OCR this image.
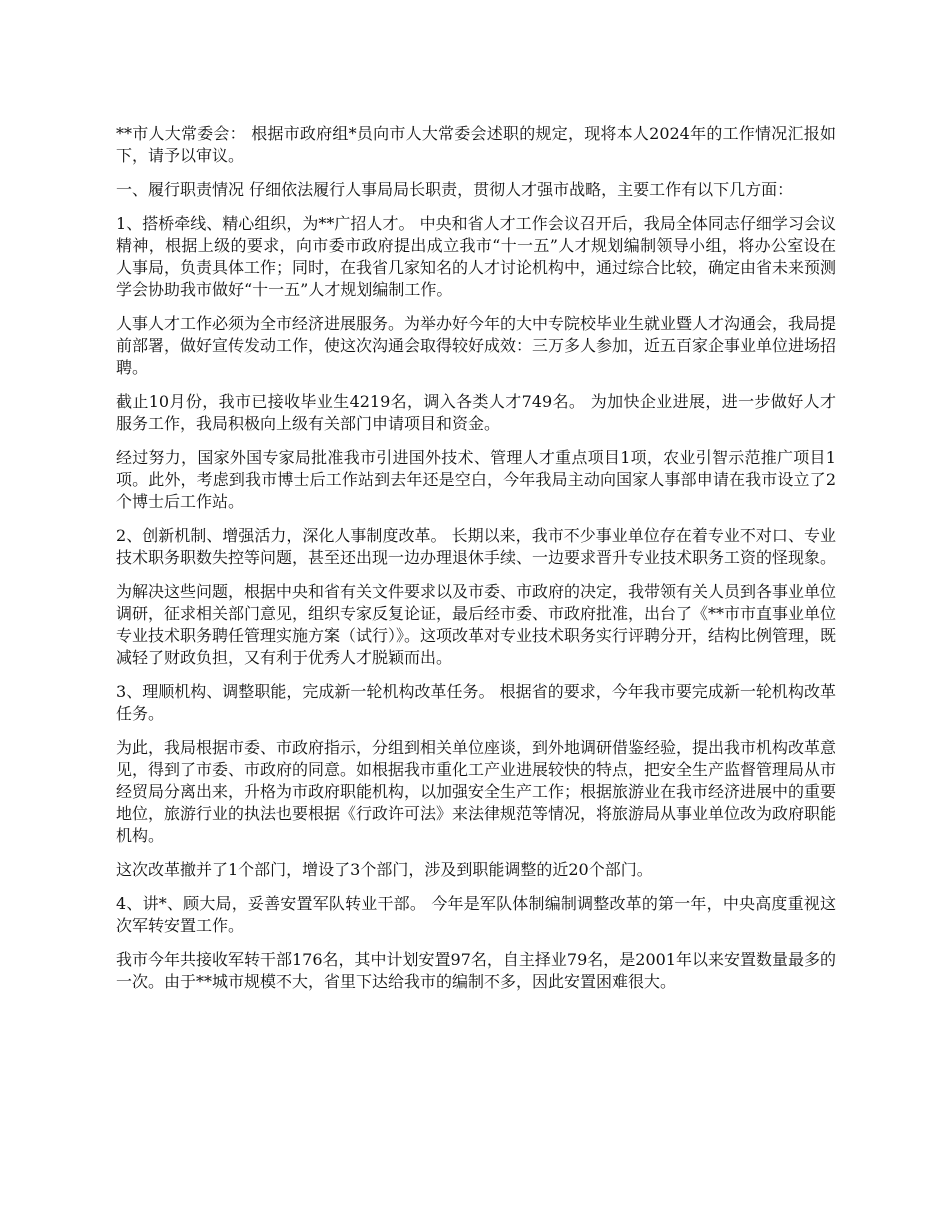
**市人大常委会： 根据市政府组*员向市人大常委会述职的规定，现将本人2024年的工作情况汇报如下，请予以审议。

一、履行职责情况 仔细依法履行人事局局长职责，贯彻人才强市战略，主要工作有以下几方面：

1、搭桥牵线、精心组织，为**广招人才。 中央和省人才工作会议召开后，我局全体同志仔细学习会议精神，根据上级的要求，向市委市政府提出成立我市“十一五”人才规划编制领导小组，将办公室设在人事局，负责具体工作；同时，在我省几家知名的人才讨论机构中，通过综合比较，确定由省未来预测学会协助我市做好“十一五”人才规划编制工作。

人事人才工作必须为全市经济进展服务。为举办好今年的大中专院校毕业生就业暨人才沟通会，我局提前部署，做好宣传发动工作，使这次沟通会取得较好成效：三万多人参加，近五百家企事业单位进场招聘。

截止10月份，我市已接收毕业生4219名，调入各类人才749名。 为加快企业进展，进一步做好人才服务工作，我局积极向上级有关部门申请项目和资金。

经过努力，国家外国专家局批准我市引进国外技术、管理人才重点项目1项，农业引智示范推广项目1项。此外，考虑到我市博士后工作站到去年还是空白，今年我局主动向国家人事部申请在我市设立了2个博士后工作站。

2、创新机制、增强活力，深化人事制度改革。 长期以来，我市不少事业单位存在着专业不对口、专业技术职务职数失控等问题，甚至还出现一边办理退休手续、一边要求晋升专业技术职务工资的怪现象。

为解决这些问题，根据中央和省有关文件要求以及市委、市政府的决定，我带领有关人员到各事业单位调研，征求相关部门意见，组织专家反复论证，最后经市委、市政府批准，出台了《**市市直事业单位专业技术职务聘任管理实施方案（试行）》。这项改革对专业技术职务实行评聘分开，结构比例管理，既减轻了财政负担，又有利于优秀人才脱颖而出。

3、理顺机构、调整职能，完成新一轮机构改革任务。 根据省的要求，今年我市要完成新一轮机构改革任务。

为此，我局根据市委、市政府指示，分组到相关单位座谈，到外地调研借鉴经验，提出我市机构改革意见，得到了市委、市政府的同意。如根据我市重化工产业进展较快的特点，把安全生产监督管理局从市经贸局分离出来，升格为市政府职能机构，以加强安全生产工作；根据旅游业在我市经济进展中的重要地位，旅游行业的执法也要根据《行政许可法》来法律规范等情况，将旅游局从事业单位改为政府职能机构。

这次改革撤并了1个部门，增设了3个部门，涉及到职能调整的近20个部门。

4、讲*、顾大局，妥善安置军队转业干部。 今年是军队体制编制调整改革的第一年，中央高度重视这次军转安置工作。

我市今年共接收军转干部176名，其中计划安置97名，自主择业79名，是2001年以来安置数量最多的一次。由于**城市规模不大，省里下达给我市的编制不多，因此安置困难很大。
